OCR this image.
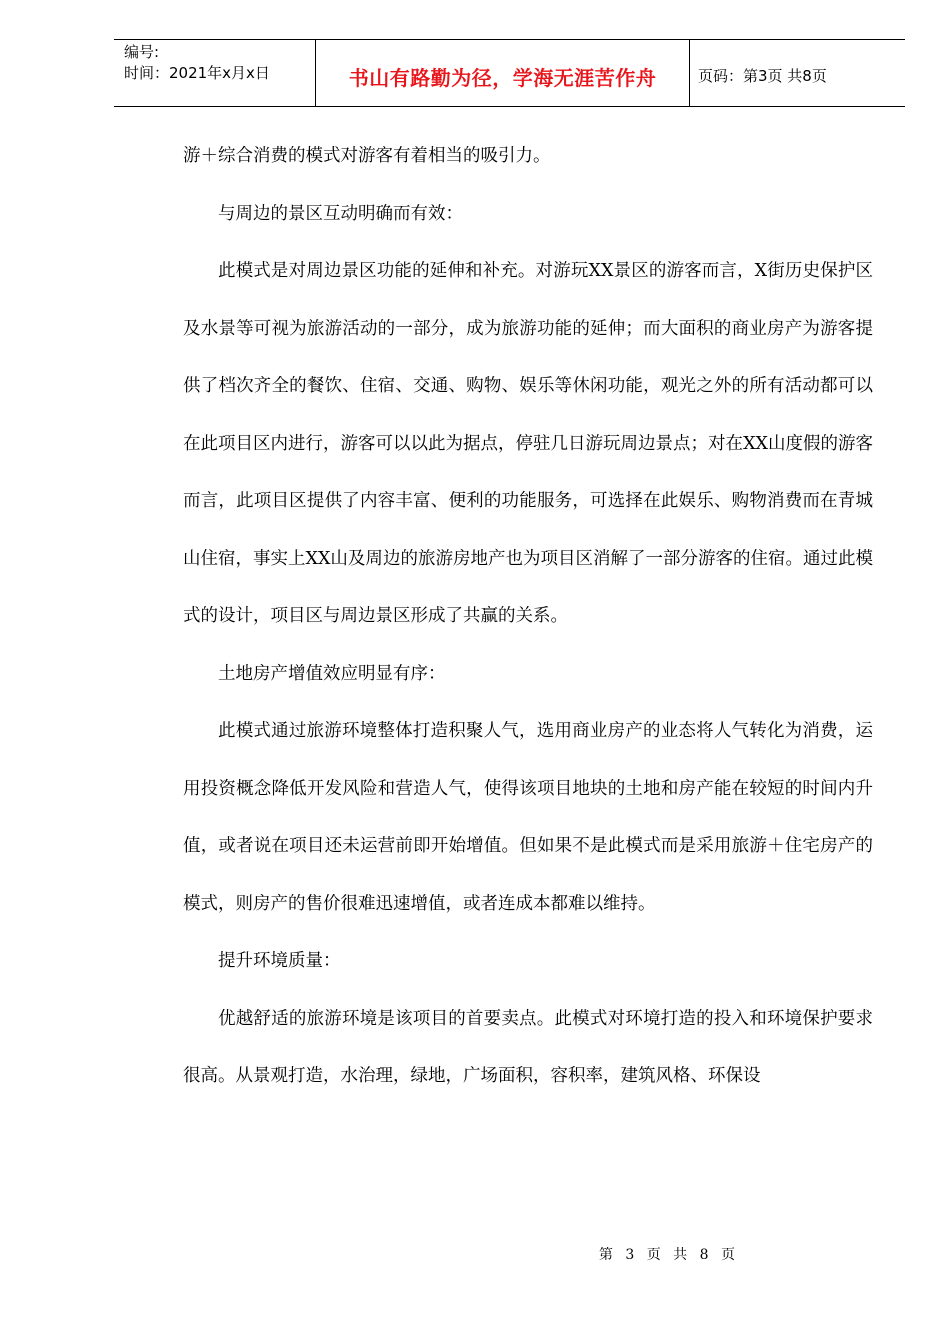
编号:
时间：2021年x月x日	书山有路勤为径，学海无涯苦作舟	页码：第3页 共8页

游＋综合消费的模式对游客有着相当的吸引力。

与周边的景区互动明确而有效：

此模式是对周边景区功能的延伸和补充。对游玩XX景区的游客而言，X街历史保护区及水景等可视为旅游活动的一部分，成为旅游功能的延伸；而大面积的商业房产为游客提供了档次齐全的餐饮、住宿、交通、购物、娱乐等休闲功能，观光之外的所有活动都可以在此项目区内进行，游客可以以此为据点，停驻几日游玩周边景点；对在XX山度假的游客而言，此项目区提供了内容丰富、便利的功能服务，可选择在此娱乐、购物消费而在青城山住宿，事实上XX山及周边的旅游房地产也为项目区消解了一部分游客的住宿。通过此模式的设计，项目区与周边景区形成了共赢的关系。

土地房产增值效应明显有序：

此模式通过旅游环境整体打造积聚人气，选用商业房产的业态将人气转化为消费，运用投资概念降低开发风险和营造人气，使得该项目地块的土地和房产能在较短的时间内升值，或者说在项目还未运营前即开始增值。但如果不是此模式而是采用旅游＋住宅房产的模式，则房产的售价很难迅速增值，或者连成本都难以维持。

提升环境质量：

优越舒适的旅游环境是该项目的首要卖点。此模式对环境打造的投入和环境保护要求很高。从景观打造，水治理，绿地，广场面积，容积率，建筑风格、环保设

第 3 页 共 8 页
